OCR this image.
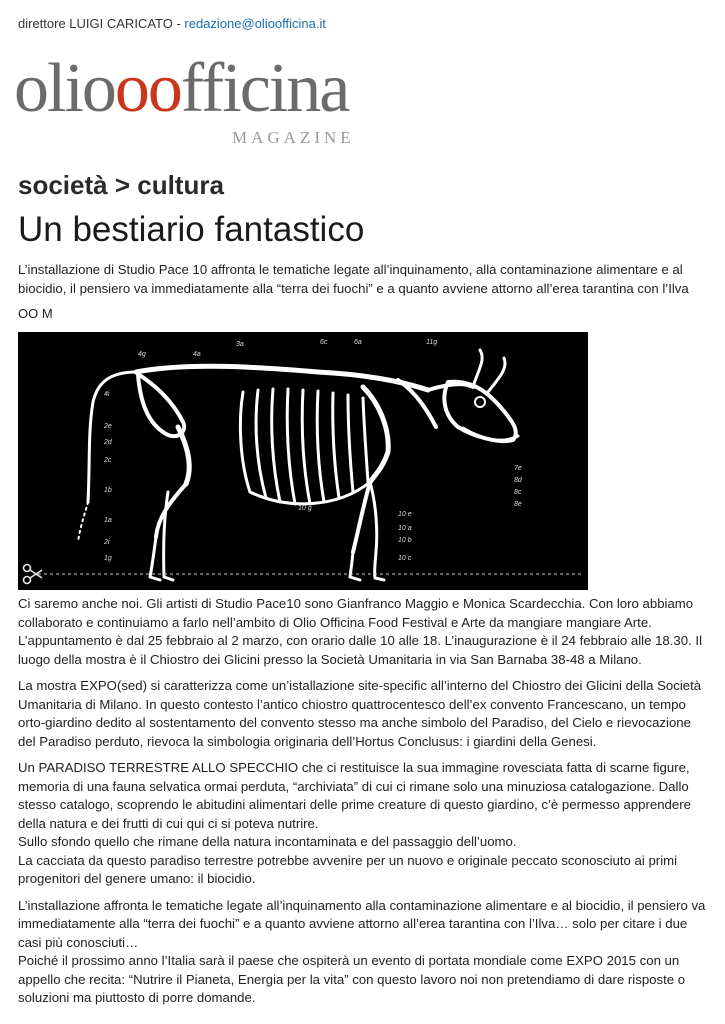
direttore LUIGI CARICATO - redazione@olioofficina.it
oliooofficina
MAGAZINE
società > cultura
Un bestiario fantastico

L’installazione di Studio Pace 10 affronta le tematiche legate all’inquinamento, alla contaminazione alimentare e al biocidio, il pensiero va immediatamente alla “terra dei fuochi” e a quanto avviene attorno all’erea tarantina con l’Ilva

OO M
4g	4a
3a	6c	6a	11g
4i
2e
2d
2c
1b
1a
2i
1g
7e
8d
8c
8e
10 g
10 e
10 a
10 b
10 c

Ci saremo anche noi. Gli artisti di Studio Pace10 sono Gianfranco Maggio e Monica Scardecchia. Con loro abbiamo collaborato e continuiamo a farlo nell’ambito di Olio Officina Food Festival e Arte da mangiare mangiare Arte.
L’appuntamento è dal 25 febbraio al 2 marzo, con orario dalle 10 alle 18. L’inaugurazione è il 24 febbraio alle 18.30. Il luogo della mostra è il Chiostro dei Glicini presso la Società Umanitaria in via San Barnaba 38-48 a Milano.

La mostra EXPO(sed) si caratterizza come un’istallazione site-specific all’interno del Chiostro dei Glicini della Società Umanitaria di Milano. In questo contesto l’antico chiostro quattrocentesco dell’ex convento Francescano, un tempo orto-giardino dedito al sostentamento del convento stesso ma anche simbolo del Paradiso, del Cielo e rievocazione del Paradiso perduto, rievoca la simbologia originaria dell’Hortus Conclusus: i giardini della Genesi.

Un PARADISO TERRESTRE ALLO SPECCHIO che ci restituisce la sua immagine rovesciata fatta di scarne figure, memoria di una fauna selvatica ormai perduta, “archiviata” di cui ci rimane solo una minuziosa catalogazione. Dallo stesso catalogo, scoprendo le abitudini alimentari delle prime creature di questo giardino, c’è permesso apprendere della natura e dei frutti di cui qui ci si poteva nutrire.
Sullo sfondo quello che rimane della natura incontaminata e del passaggio dell’uomo.
La cacciata da questo paradiso terrestre potrebbe avvenire per un nuovo e originale peccato sconosciuto ai primi progenitori del genere umano: il biocidio.

L’installazione affronta le tematiche legate all’inquinamento alla contaminazione alimentare e al biocidio, il pensiero va immediatamente alla “terra dei fuochi” e a quanto avviene attorno all’erea tarantina con l’Ilva… solo per citare i due casi più conosciuti…
Poiché il prossimo anno l’Italia sarà il paese che ospiterà un evento di portata mondiale come EXPO 2015 con un appello che recita: “Nutrire il Pianeta, Energia per la vita” con questo lavoro noi non pretendiamo di dare risposte o soluzioni ma piuttosto di porre domande.
